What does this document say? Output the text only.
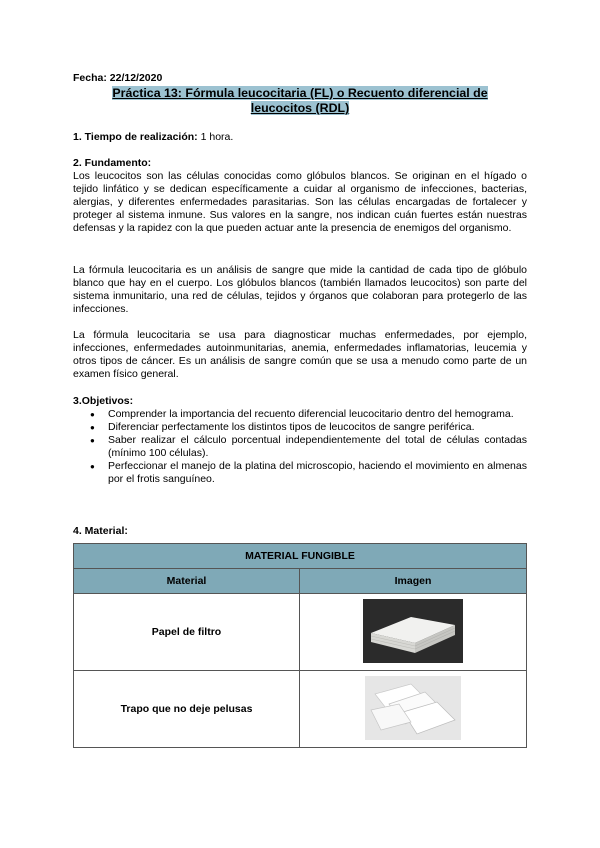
Fecha: 22/12/2020
Práctica 13: Fórmula leucocitaria (FL) o Recuento diferencial de leucocitos (RDL)
1. Tiempo de realización: 1 hora.
2. Fundamento:

Los leucocitos son las células conocidas como glóbulos blancos. Se originan en el hígado o tejido linfático y se dedican específicamente a cuidar al organismo de infecciones, bacterias, alergias, y diferentes enfermedades parasitarias. Son las células encargadas de fortalecer y proteger al sistema inmune. Sus valores en la sangre, nos indican cuán fuertes están nuestras defensas y la rapidez con la que pueden actuar ante la presencia de enemigos del organismo.

La fórmula leucocitaria es un análisis de sangre que mide la cantidad de cada tipo de glóbulo blanco que hay en el cuerpo. Los glóbulos blancos (también llamados leucocitos) son parte del sistema inmunitario, una red de células, tejidos y órganos que colaboran para protegerlo de las infecciones.
La fórmula leucocitaria se usa para diagnosticar muchas enfermedades, por ejemplo, infecciones, enfermedades autoinmunitarias, anemia, enfermedades inflamatorias, leucemia y otros tipos de cáncer. Es un análisis de sangre común que se usa a menudo como parte de un examen físico general.
3.Objetivos:
● Comprender la importancia del recuento diferencial leucocitario dentro del hemograma.
● Diferenciar perfectamente los distintos tipos de leucocitos de sangre periférica.
● Saber realizar el cálculo porcentual independientemente del total de células contadas (mínimo 100 células).
● Perfeccionar el manejo de la platina del microscopio, haciendo el movimiento en almenas por el frotis sanguíneo.
4. Material:
MATERIAL FUNGIBLE	
Material	Imagen
Papel de filtro	
Trapo que no deje pelusas	
